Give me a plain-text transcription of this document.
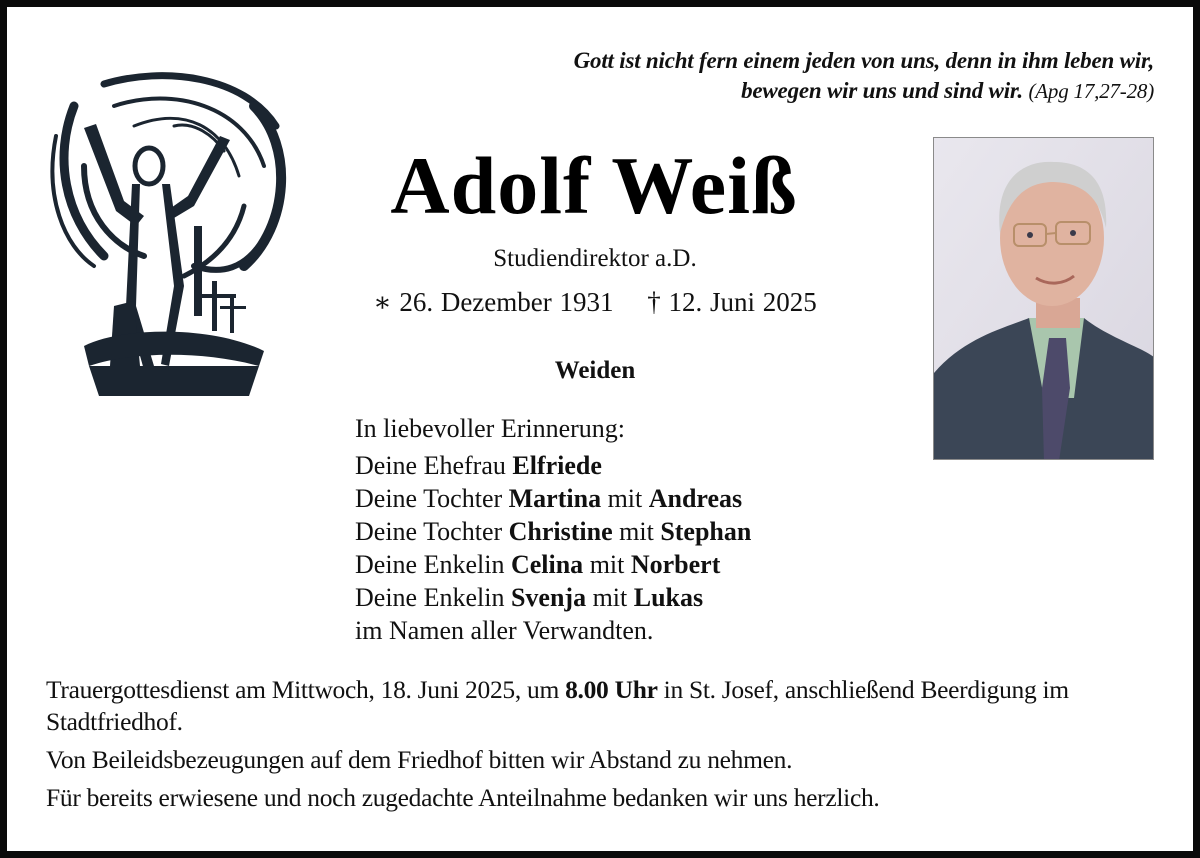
Gott ist nicht fern einem jeden von uns, denn in ihm leben wir,
bewegen wir uns und sind wir. (Apg 17,27-28)
Adolf Weiß
Studiendirektor a.D.
∗ 26. Dezember 1931 † 12. Juni 2025
Weiden
In liebevoller Erinnerung:
Deine Ehefrau Elfriede
Deine Tochter Martina mit Andreas
Deine Tochter Christine mit Stephan
Deine Enkelin Celina mit Norbert
Deine Enkelin Svenja mit Lukas
im Namen aller Verwandten.

Trauergottesdienst am Mittwoch, 18. Juni 2025, um 8.00 Uhr in St. Josef, anschließend Beerdigung im Stadtfriedhof.

Von Beileidsbezeugungen auf dem Friedhof bitten wir Abstand zu nehmen.

Für bereits erwiesene und noch zugedachte Anteilnahme bedanken wir uns herzlich.
